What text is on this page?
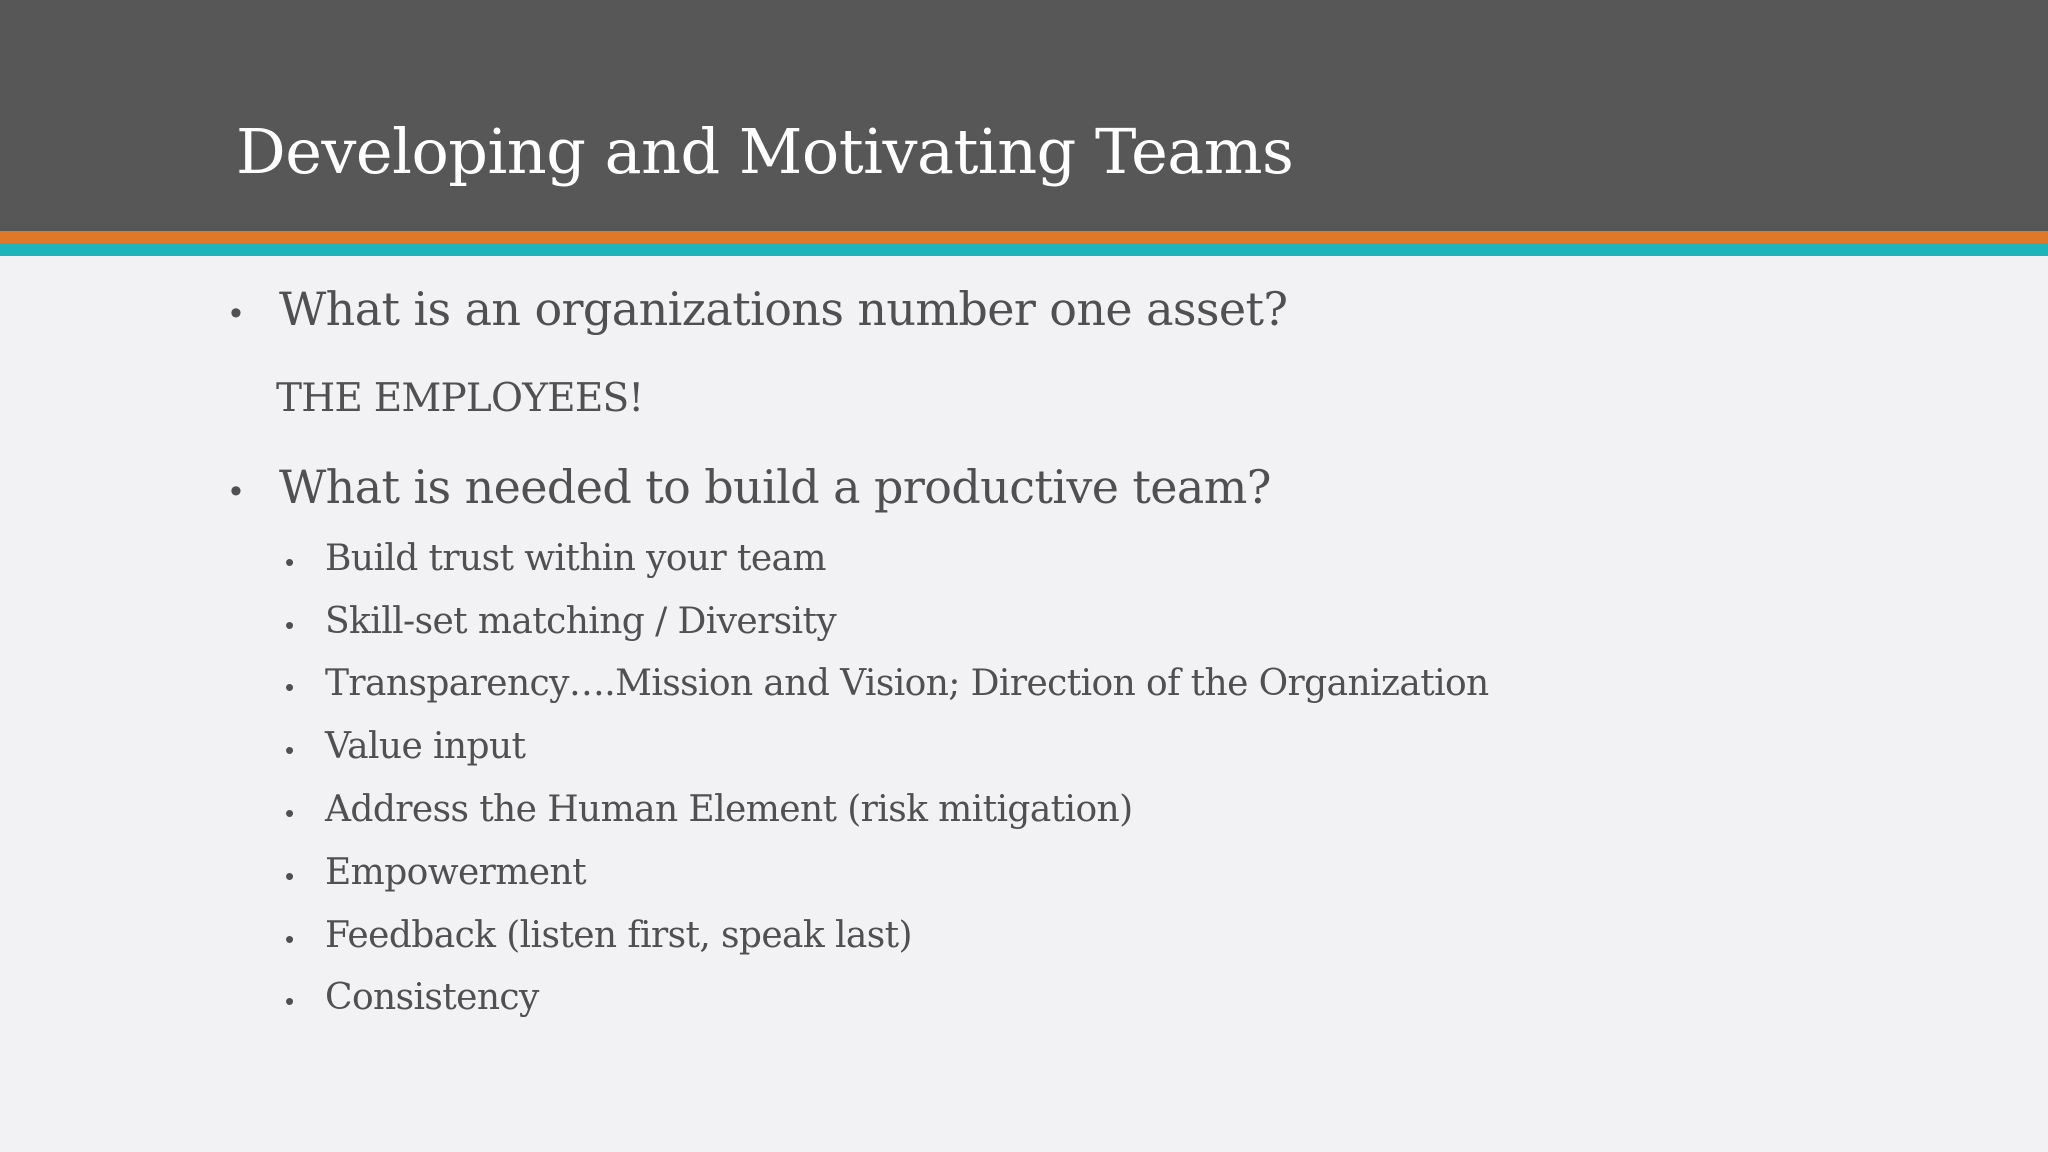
Developing and Motivating Teams
• What is an organizations number one asset?
THE EMPLOYEES!
• What is needed to build a productive team?
• Build trust within your team
• Skill-set matching / Diversity
• Transparency….Mission and Vision; Direction of the Organization
• Value input
• Address the Human Element (risk mitigation)
• Empowerment
• Feedback (listen first, speak last)
• Consistency
